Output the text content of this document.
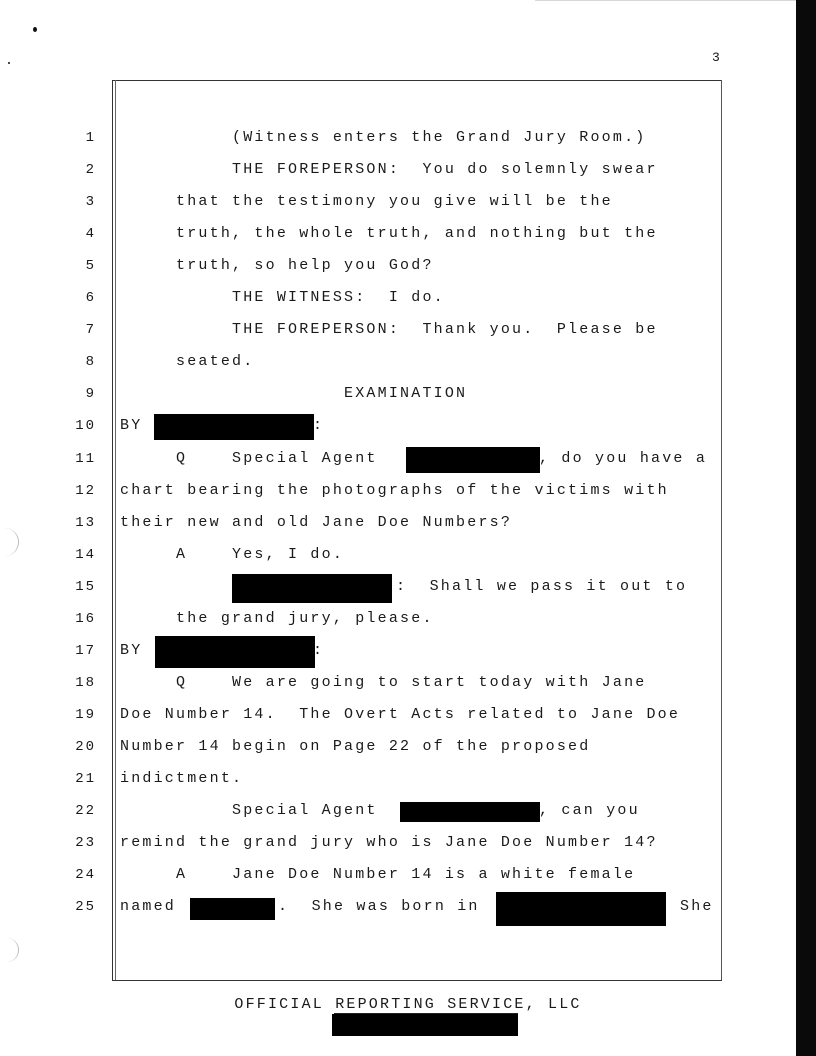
3
1
2
3
4
5
6
7
8
9
10
11
12
13
14
15
16
17
18
19
20
21
22
23
24
25
(Witness enters the Grand Jury Room.)
THE FOREPERSON:  You do solemnly swear
that the testimony you give will be the
truth, the whole truth, and nothing but the
truth, so help you God?
THE WITNESS:  I do.
THE FOREPERSON:  Thank you.  Please be
seated.
EXAMINATION
BY	:
Q    Special Agent	, do you have a
chart bearing the photographs of the victims with
their new and old Jane Doe Numbers?
A    Yes, I do.
:  Shall we pass it out to
the grand jury, please.
BY	:
Q    We are going to start today with Jane
Doe Number 14.  The Overt Acts related to Jane Doe
Number 14 begin on Page 22 of the proposed
indictment.
Special Agent	, can you
remind the grand jury who is Jane Doe Number 14?
A    Jane Doe Number 14 is a white female
named	.  She was born in	She
OFFICIAL REPORTING SERVICE, LLC
